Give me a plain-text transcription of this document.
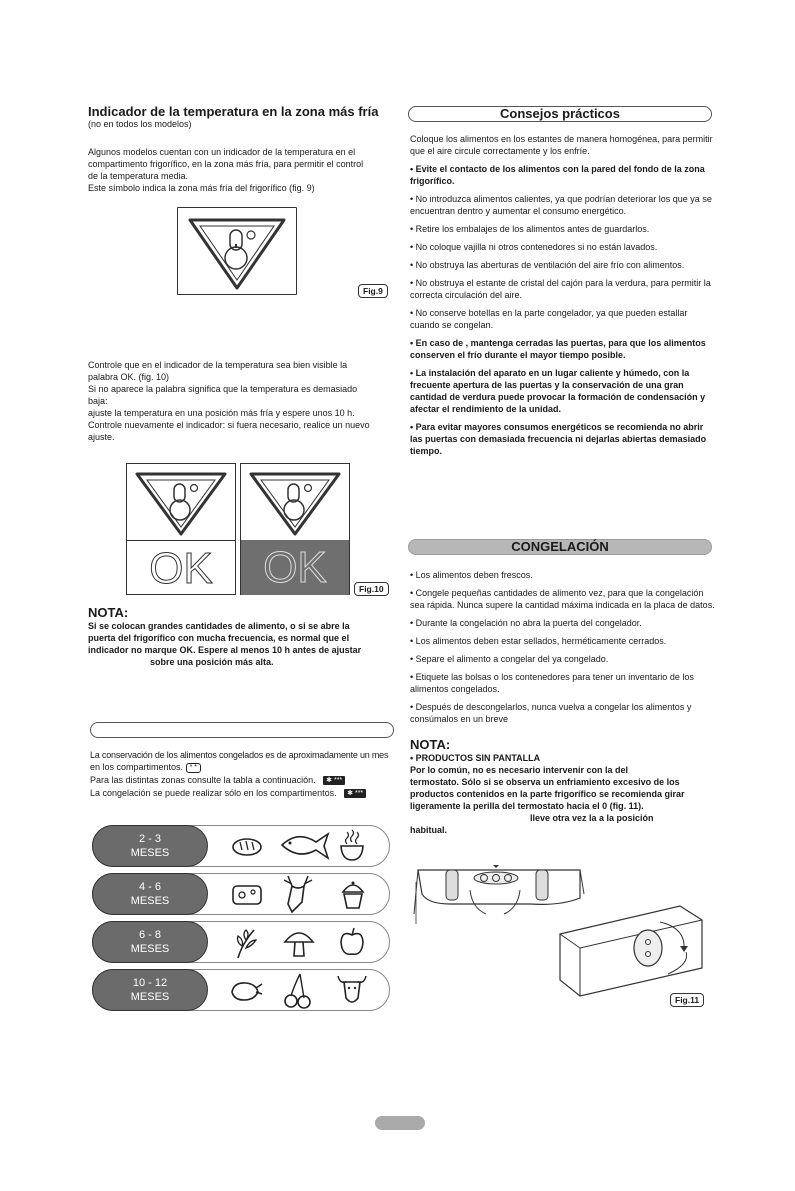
Indicador de la temperatura en la zona más fría

(no en todos los modelos)

Algunos modelos cuentan con un indicador de la temperatura en el

compartimento frigorífico, en la zona más fría, para permitir el control

de la temperatura media.

Este símbolo indica la zona más fría del frigorífico (fig. 9)

Fig.9

Controle que en el indicador de la temperatura sea bien visible la

palabra OK. (fig. 10)

Si no aparece la palabra significa que la temperatura es demasiado

baja:

ajuste la temperatura en una posición más fría y espere unos 10 h.

Controle nuevamente el indicador: si fuera necesario, realice un nuevo

ajuste.

OK	OK	Fig.10

NOTA:

Si se colocan grandes cantidades de alimento, o si se abre la

puerta del frigorífico con mucha frecuencia, es normal que el

indicador no marque OK. Espere al menos 10 h antes de ajustar

sobre una posición más alta.

La conservación de los alimentos congelados es de aproximadamente un mes

en los compartimentos. * *

Para las distintas zonas consulte la tabla a continuación. ✱ ***

La congelación se puede realizar sólo en los compartimentos. ✱ ***

2 - 3
MESES
4 - 6
MESES
6 - 8
MESES
10 - 12
MESES
Consejos prácticos

Coloque los alimentos en los estantes de manera homogénea, para permitir que el aire circule correctamente y los enfríe.

• Evite el contacto de los alimentos con la pared del fondo de la zona frigorífico.

• No introduzca alimentos calientes, ya que podrían deteriorar los que ya se encuentran dentro y aumentar el consumo energético.

• Retire los embalajes de los alimentos antes de guardarlos.

• No coloque vajilla ni otros contenedores si no están lavados.

• No obstruya las aberturas de ventilación del aire frío con alimentos.

• No obstruya el estante de cristal del cajón para la verdura, para permitir la correcta circulación del aire.

• No conserve botellas en la parte congelador, ya que pueden estallar cuando se congelan.

• En caso de , mantenga cerradas las puertas, para que los alimentos conserven el frío durante el mayor tiempo posible.

• La instalación del aparato en un lugar caliente y húmedo, con la frecuente apertura de las puertas y la conservación de una gran cantidad de verdura puede provocar la formación de condensación y afectar el rendimiento de la unidad.

• Para evitar mayores consumos energéticos se recomienda no abrir las puertas con demasiada frecuencia ni dejarlas abiertas demasiado tiempo.

CONGELACIÓN

• Los alimentos deben frescos.

• Congele pequeñas cantidades de alimento vez, para que la congelación sea rápida. Nunca supere la cantidad máxima indicada en la placa de datos.

• Durante la congelación no abra la puerta del congelador.

• Los alimentos deben estar sellados, herméticamente cerrados.

• Separe el alimento a congelar del ya congelado.

• Etiquete las bolsas o los contenedores para tener un inventario de los alimentos congelados.

• Después de descongelarlos, nunca vuelva a congelar los alimentos y consúmalos en un breve

NOTA:

• PRODUCTOS SIN PANTALLA

Por lo común, no es necesario intervenir con la del

termostato. Sólo si se observa un enfriamiento excesivo de los

productos contenidos en la parte frigorífico se recomienda girar

ligeramente la perilla del termostato hacia el 0 (fig. 11).

lleve otra vez la a la posición

habitual.

Fig.11
